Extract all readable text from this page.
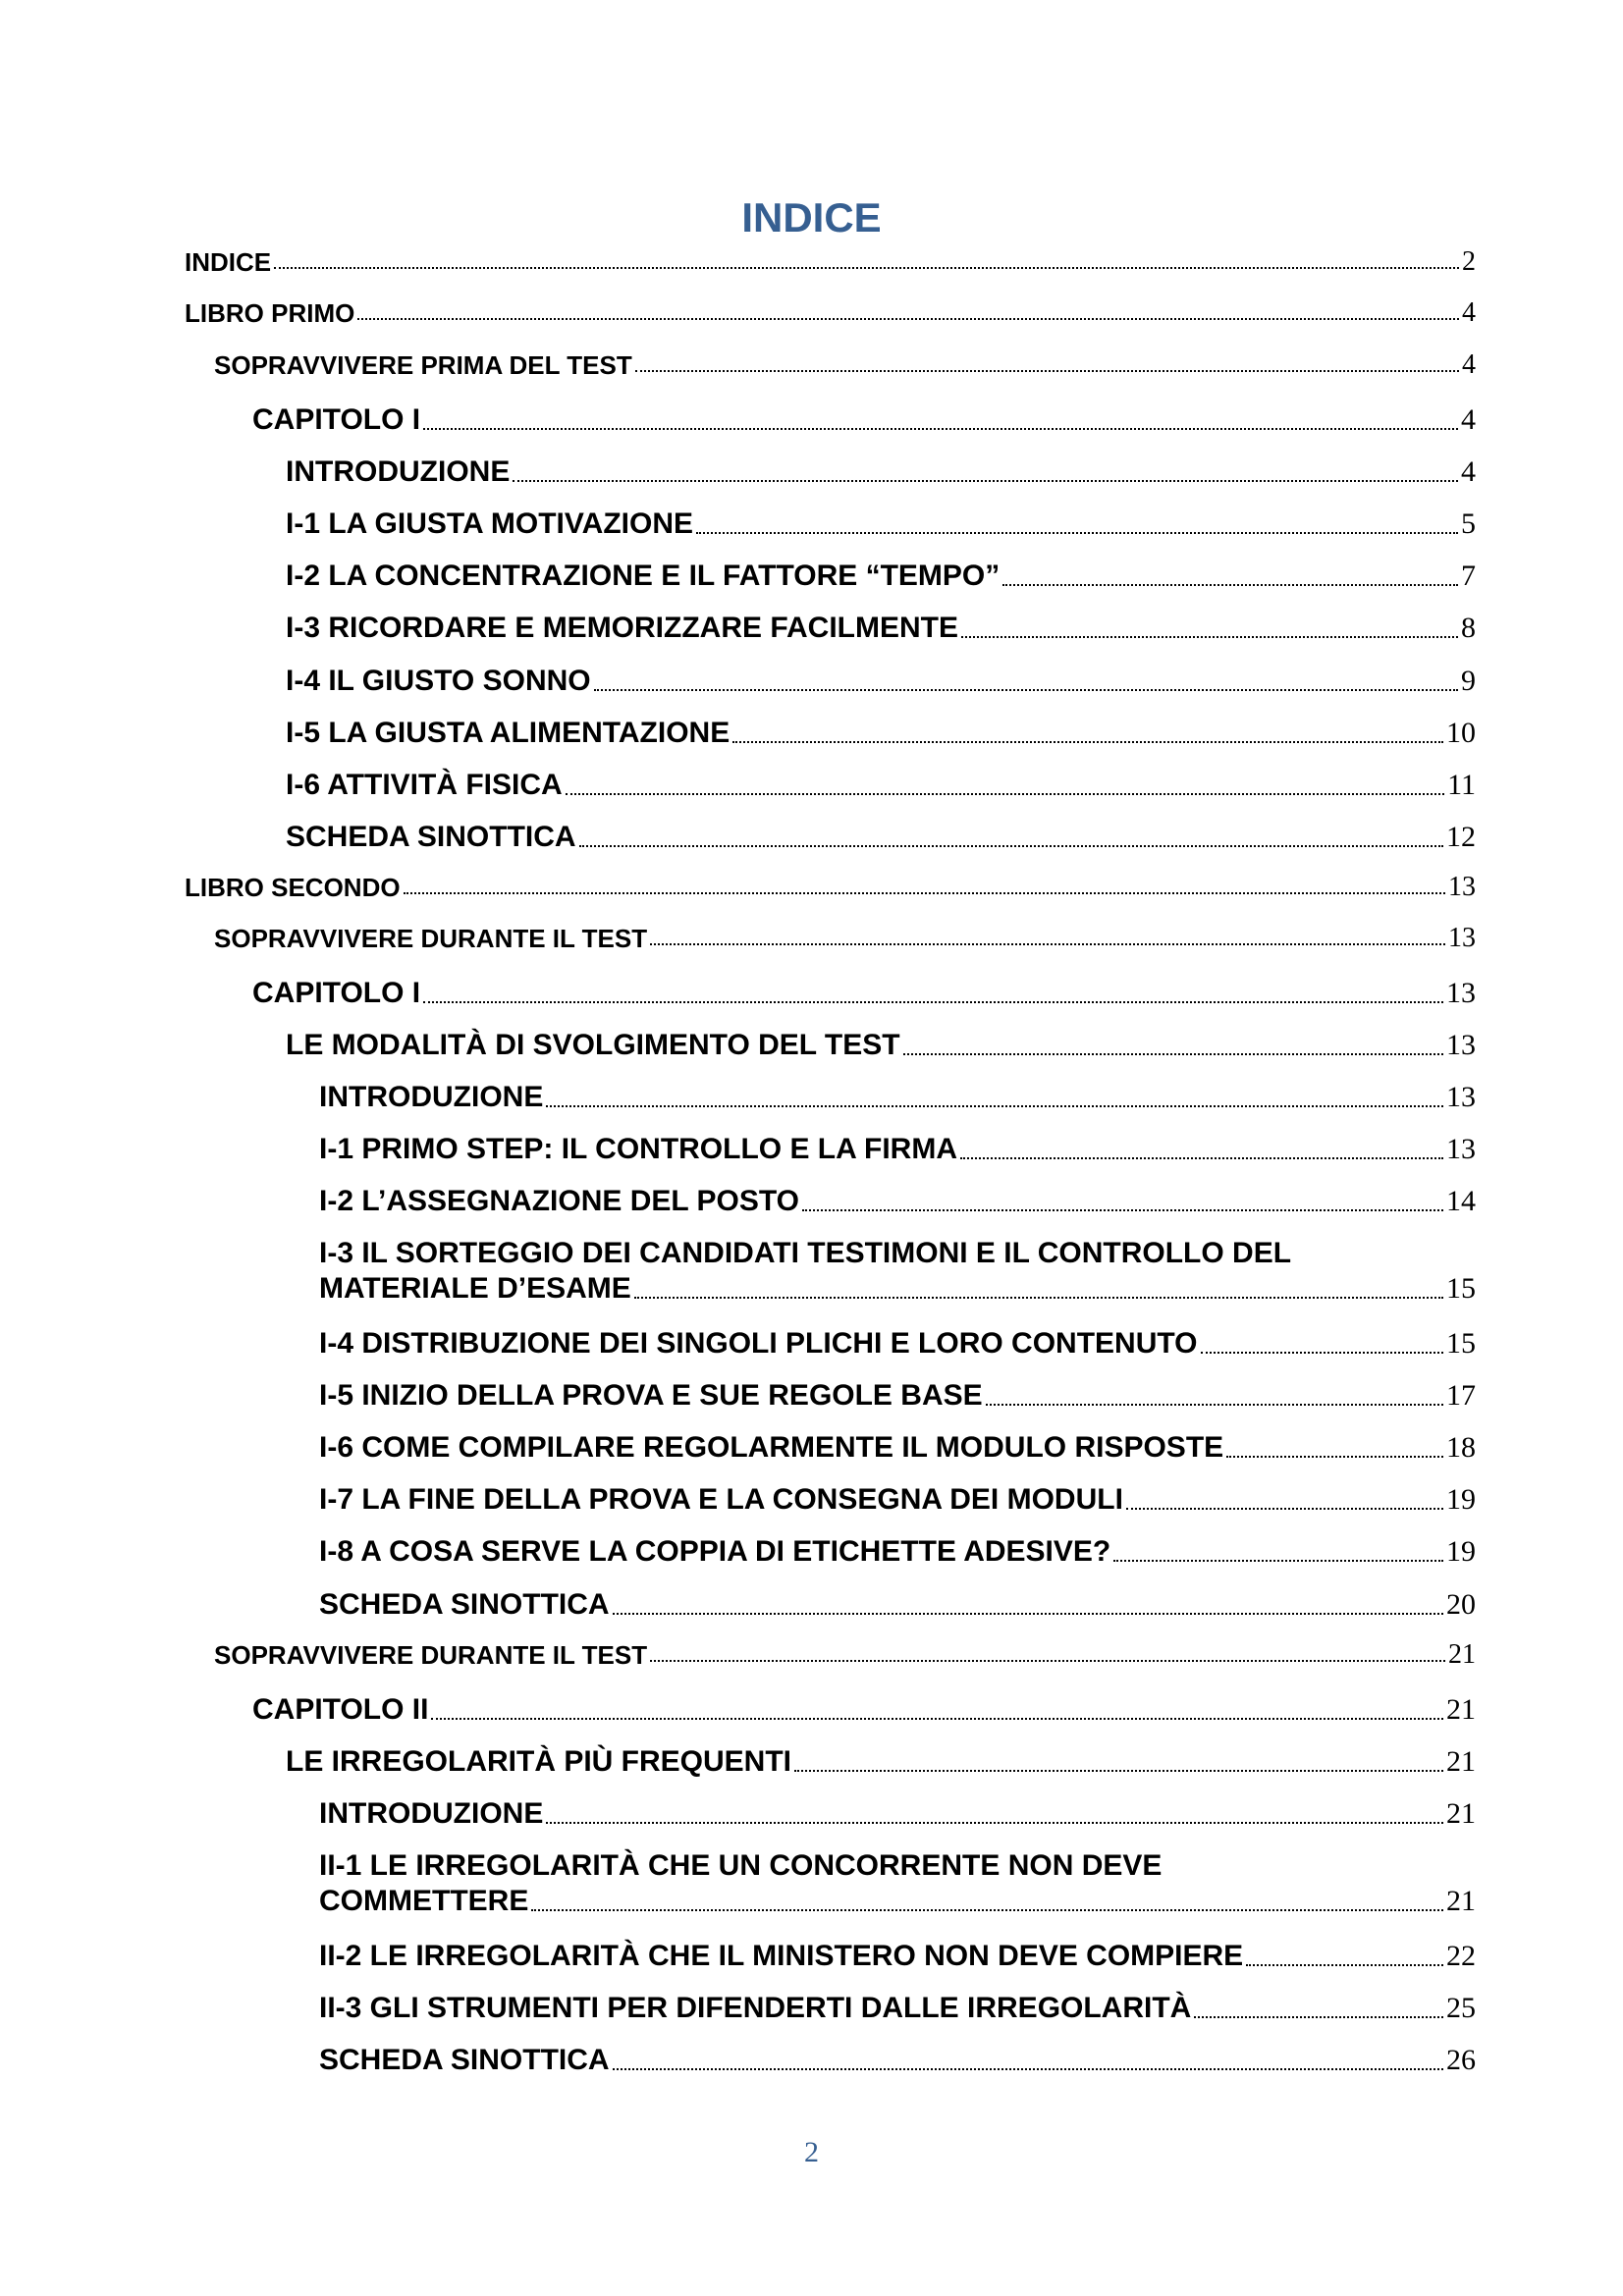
INDICE
INDICE	2
LIBRO PRIMO	4
SOPRAVVIVERE PRIMA DEL TEST	4
CAPITOLO I	4
INTRODUZIONE	4
I-1 LA GIUSTA MOTIVAZIONE	5
I-2 LA CONCENTRAZIONE E IL FATTORE “TEMPO”	7
I-3 RICORDARE E MEMORIZZARE FACILMENTE	8
I-4 IL GIUSTO SONNO	9
I-5 LA GIUSTA ALIMENTAZIONE	10
I-6 ATTIVITÀ FISICA	11
SCHEDA SINOTTICA	12
LIBRO SECONDO	13
SOPRAVVIVERE DURANTE IL TEST	13
CAPITOLO I	13
LE MODALITÀ DI SVOLGIMENTO DEL TEST	13
INTRODUZIONE	13
I-1 PRIMO STEP: IL CONTROLLO E LA FIRMA	13
I-2 L’ASSEGNAZIONE DEL POSTO	14
I-3 IL SORTEGGIO DEI CANDIDATI TESTIMONI E IL CONTROLLO DEL
MATERIALE D’ESAME	15
I-4 DISTRIBUZIONE DEI SINGOLI PLICHI E LORO CONTENUTO	15
I-5 INIZIO DELLA PROVA E SUE REGOLE BASE	17
I-6 COME COMPILARE REGOLARMENTE IL MODULO RISPOSTE	18
I-7 LA FINE DELLA PROVA E LA CONSEGNA DEI MODULI	19
I-8 A COSA SERVE LA COPPIA DI ETICHETTE ADESIVE?	19
SCHEDA SINOTTICA	20
SOPRAVVIVERE DURANTE IL TEST	21
CAPITOLO II	21
LE IRREGOLARITÀ PIÙ FREQUENTI	21
INTRODUZIONE	21
II-1 LE IRREGOLARITÀ CHE UN CONCORRENTE NON DEVE
COMMETTERE	21
II-2 LE IRREGOLARITÀ CHE IL MINISTERO NON DEVE COMPIERE	22
II-3 GLI STRUMENTI PER DIFENDERTI DALLE IRREGOLARITÀ	25
SCHEDA SINOTTICA	26
2
